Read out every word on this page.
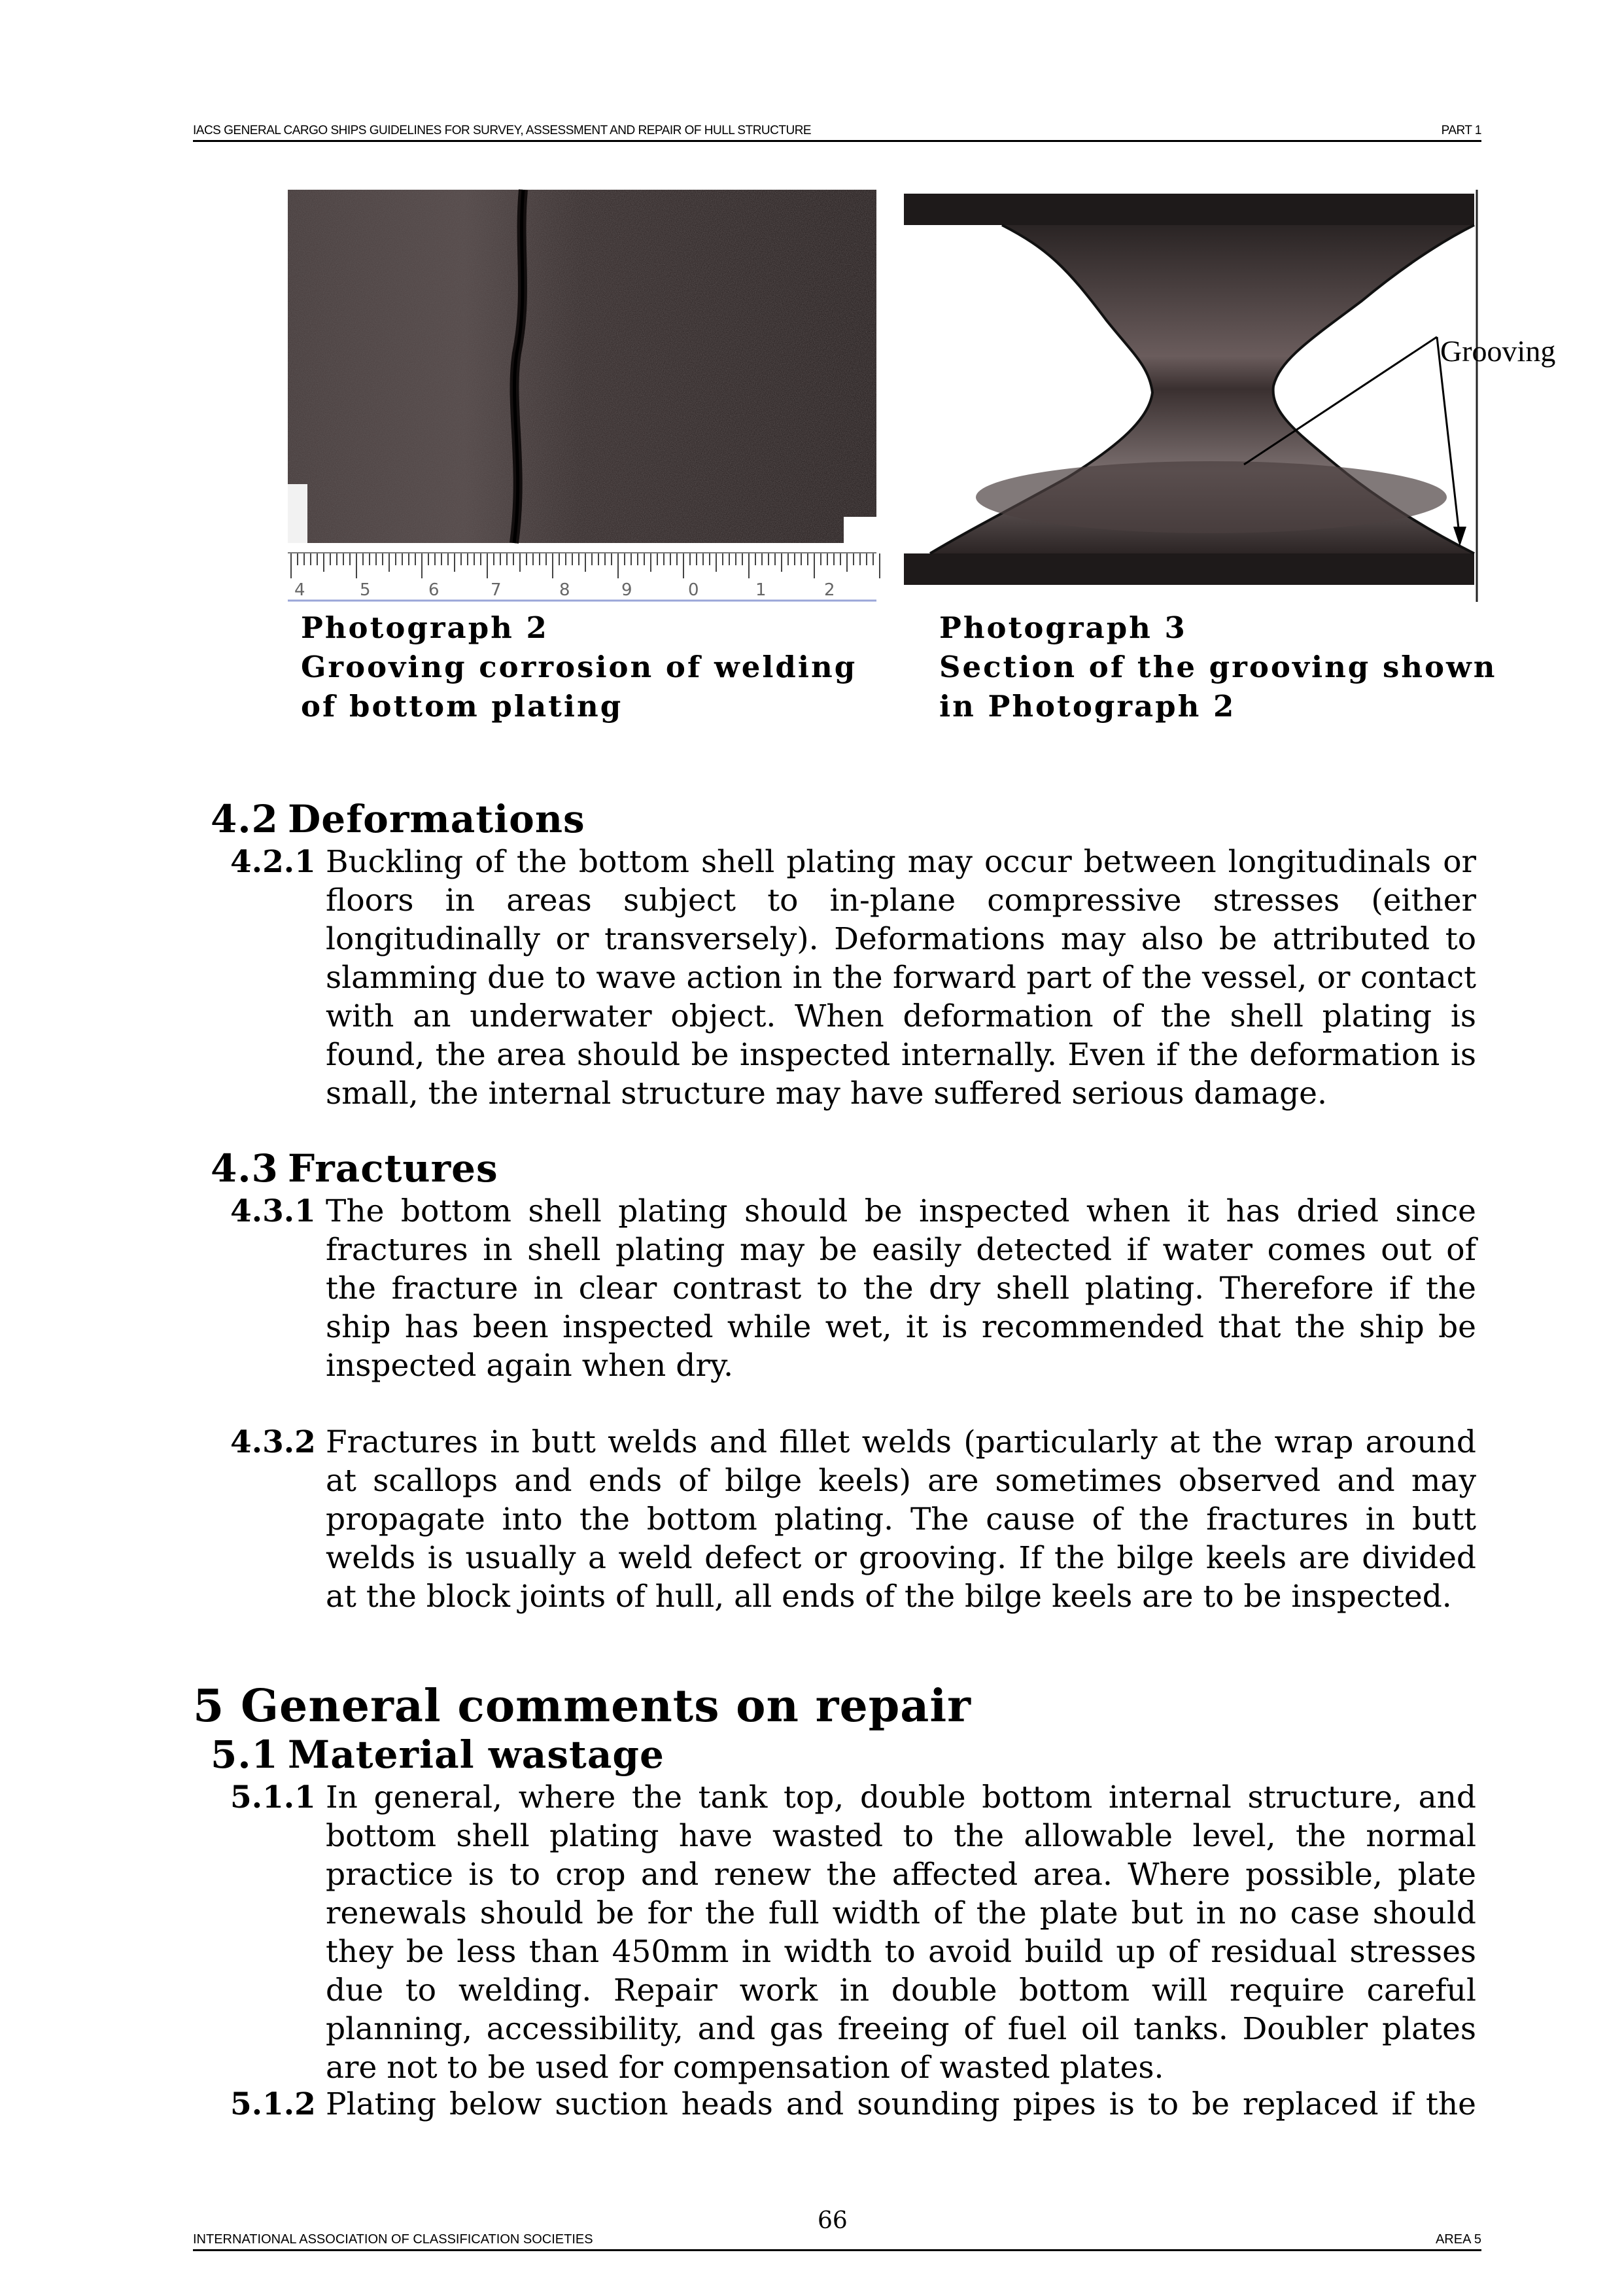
IACS GENERAL CARGO SHIPS GUIDELINES FOR SURVEY, ASSESSMENT AND REPAIR OF HULL STRUCTURE	PART 1
4	5	6	7	8	9	0	1	2
Grooving
Photograph 2
Grooving corrosion of welding
of bottom plating
Photograph 3
Section of the grooving shown
in Photograph 2
4.2 Deformations
4.2.1 Buckling of the bottom shell plating may occur between longitudinals or floors in areas subject to in-plane compressive stresses (either longitudinally or transversely). Deformations may also be attributed to slamming due to wave action in the forward part of the vessel, or contact with an underwater object. When deformation of the shell plating is found, the area should be inspected internally. Even if the deformation is small, the internal structure may have suffered serious damage.
4.3 Fractures
4.3.1 The bottom shell plating should be inspected when it has dried since fractures in shell plating may be easily detected if water comes out of the fracture in clear contrast to the dry shell plating. Therefore if the ship has been inspected while wet, it is recommended that the ship be inspected again when dry.
4.3.2 Fractures in butt welds and fillet welds (particularly at the wrap around at scallops and ends of bilge keels) are sometimes observed and may propagate into the bottom plating. The cause of the fractures in butt welds is usually a weld defect or grooving. If the bilge keels are divided at the block joints of hull, all ends of the bilge keels are to be inspected.
5 General comments on repair
5.1 Material wastage
5.1.1 In general, where the tank top, double bottom internal structure, and bottom shell plating have wasted to the allowable level, the normal practice is to crop and renew the affected area. Where possible, plate renewals should be for the full width of the plate but in no case should they be less than 450mm in width to avoid build up of residual stresses due to welding. Repair work in double bottom will require careful planning, accessibility, and gas freeing of fuel oil tanks. Doubler plates are not to be used for compensation of wasted plates.
5.1.2 Plating below suction heads and sounding pipes is to be replaced if the
INTERNATIONAL ASSOCIATION OF CLASSIFICATION SOCIETIES
66
AREA 5
